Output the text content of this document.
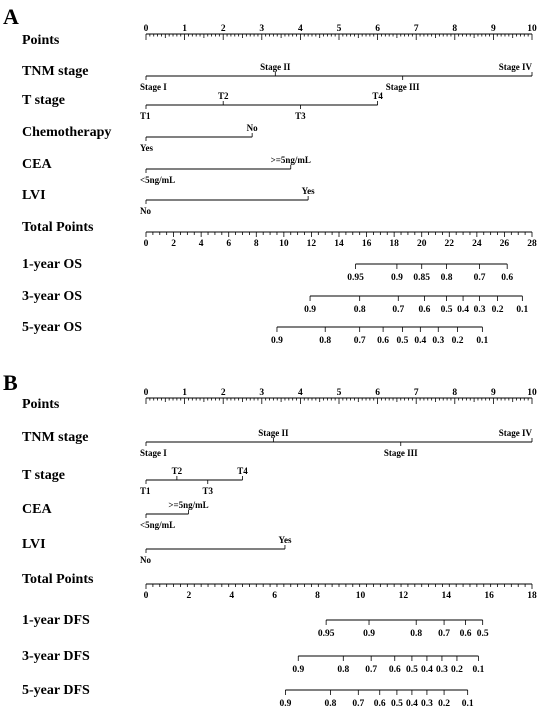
A
Points
0	1	2	3	4	5	6	7	8	9	10
TNM stage
Stage I
Stage II
Stage III
Stage IV
T stage
T1
T2
T3
T4
Chemotherapy
Yes
No
CEA
<5ng/mL
>=5ng/mL
LVI
No
Yes
Total Points
0 2 4 6 8 10 12 14 16 18 20 22 24 26 28
1-year OS
0.95	0.9 0.85 0.8 0.7 0.6
3-year OS
0.9	0.8	0.7 0.6 0.5 0.4 0.3 0.2 0.1
5-year OS
0.9	0.8 0.7 0.6 0.5 0.4 0.3 0.2 0.1
B
Points
0	1	2	3	4	5	6	7	8	9	10
TNM stage
Stage I
Stage II
Stage III
Stage IV
T stage
T1
T2
T3
T4
CEA
<5ng/mL
>=5ng/mL
LVI
No
Yes
Total Points
0	2	4	6	8	10	12	14	16	18
1-year DFS
0.95	0.9	0.8 0.7 0.6 0.5
3-year DFS
0.9	0.8 0.7 0.6 0.5 0.4 0.3 0.2 0.1
5-year DFS
0.9	0.8 0.7 0.6 0.5 0.4 0.3 0.2 0.1
